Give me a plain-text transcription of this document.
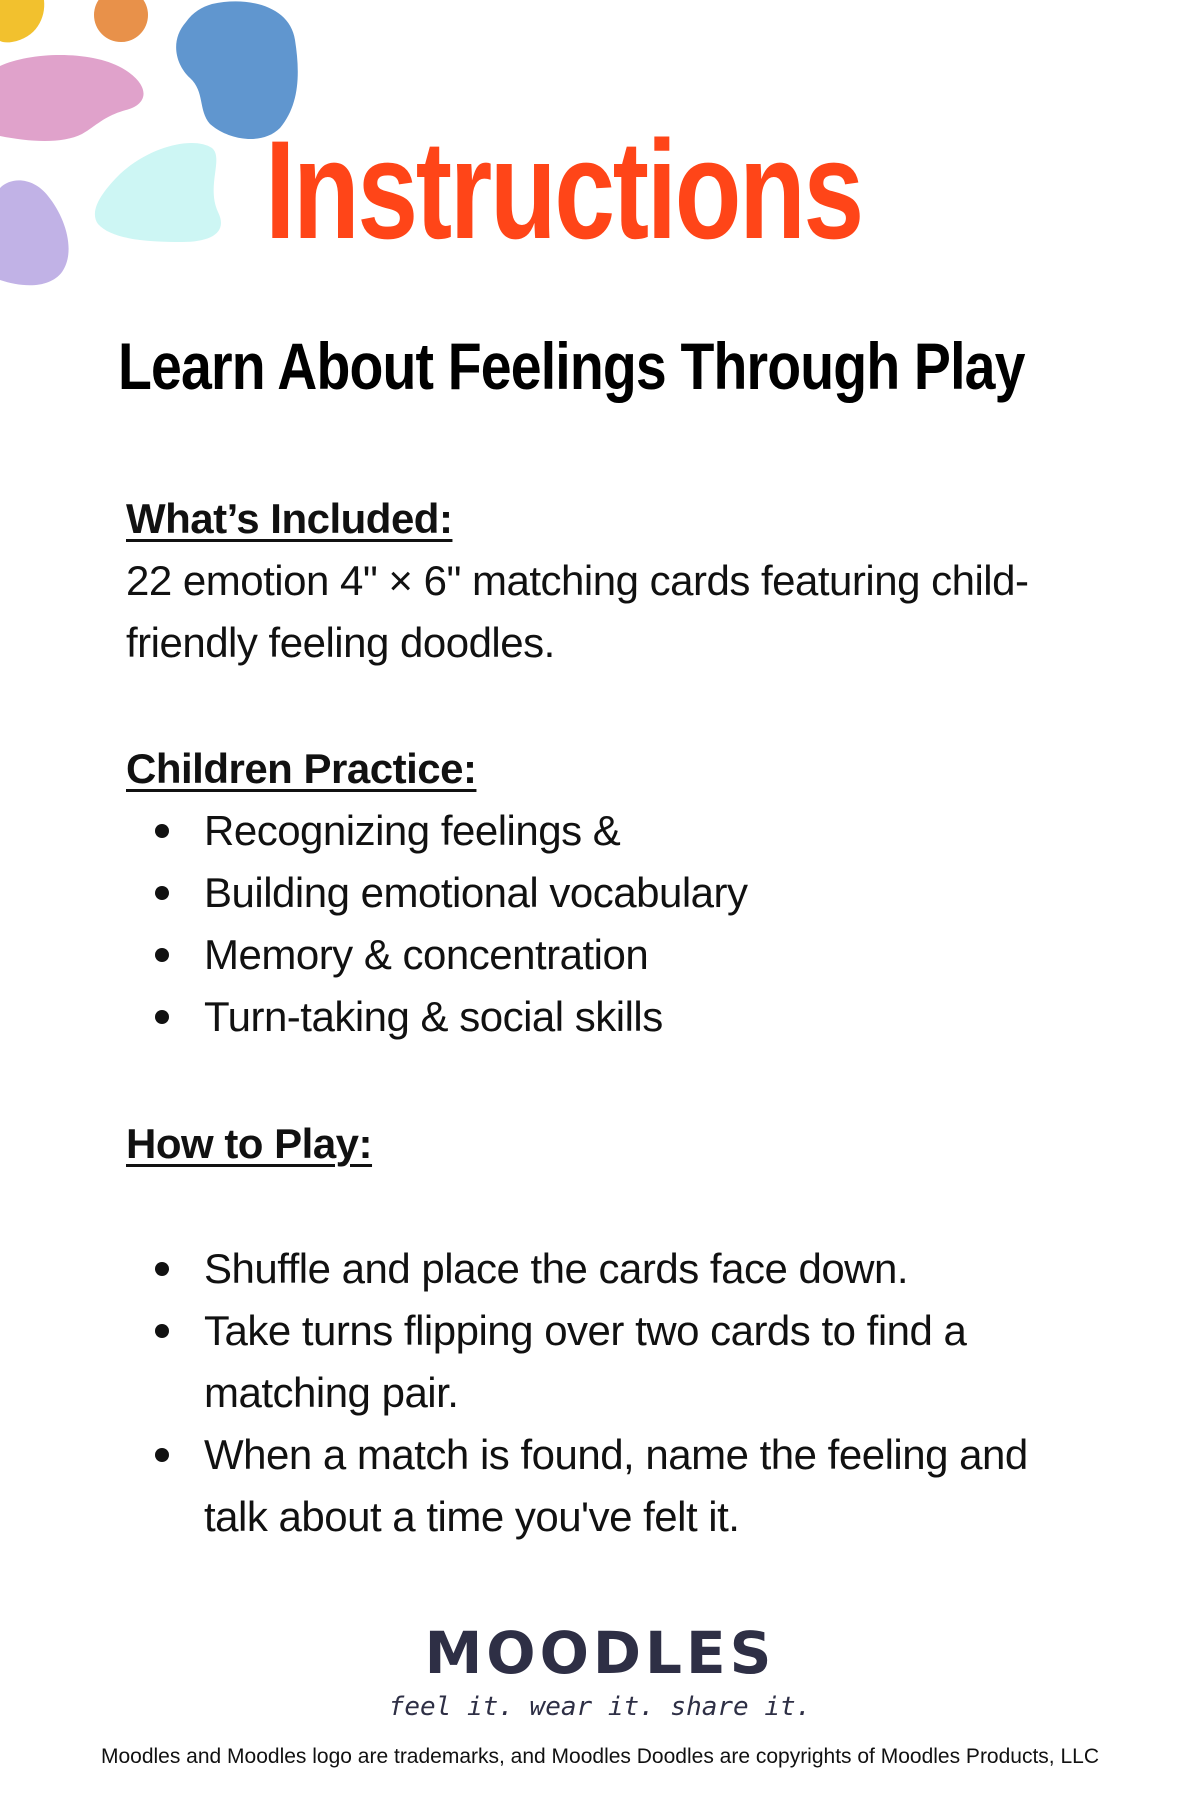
Instructions
Learn About Feelings Through Play

What’s Included:

22 emotion 4" × 6" matching cards featuring child-

friendly feeling doodles.

Children Practice:

Recognizing feelings &
Building emotional vocabulary
Memory & concentration
Turn-taking & social skills

How to Play:

Shuffle and place the cards face down.
Take turns flipping over two cards to find a
matching pair.
When a match is found, name the feeling and
talk about a time you've felt it.
MOODLES
feel it. wear it. share it.
Moodles and Moodles logo are trademarks, and Moodles Doodles are copyrights of Moodles Products, LLC
